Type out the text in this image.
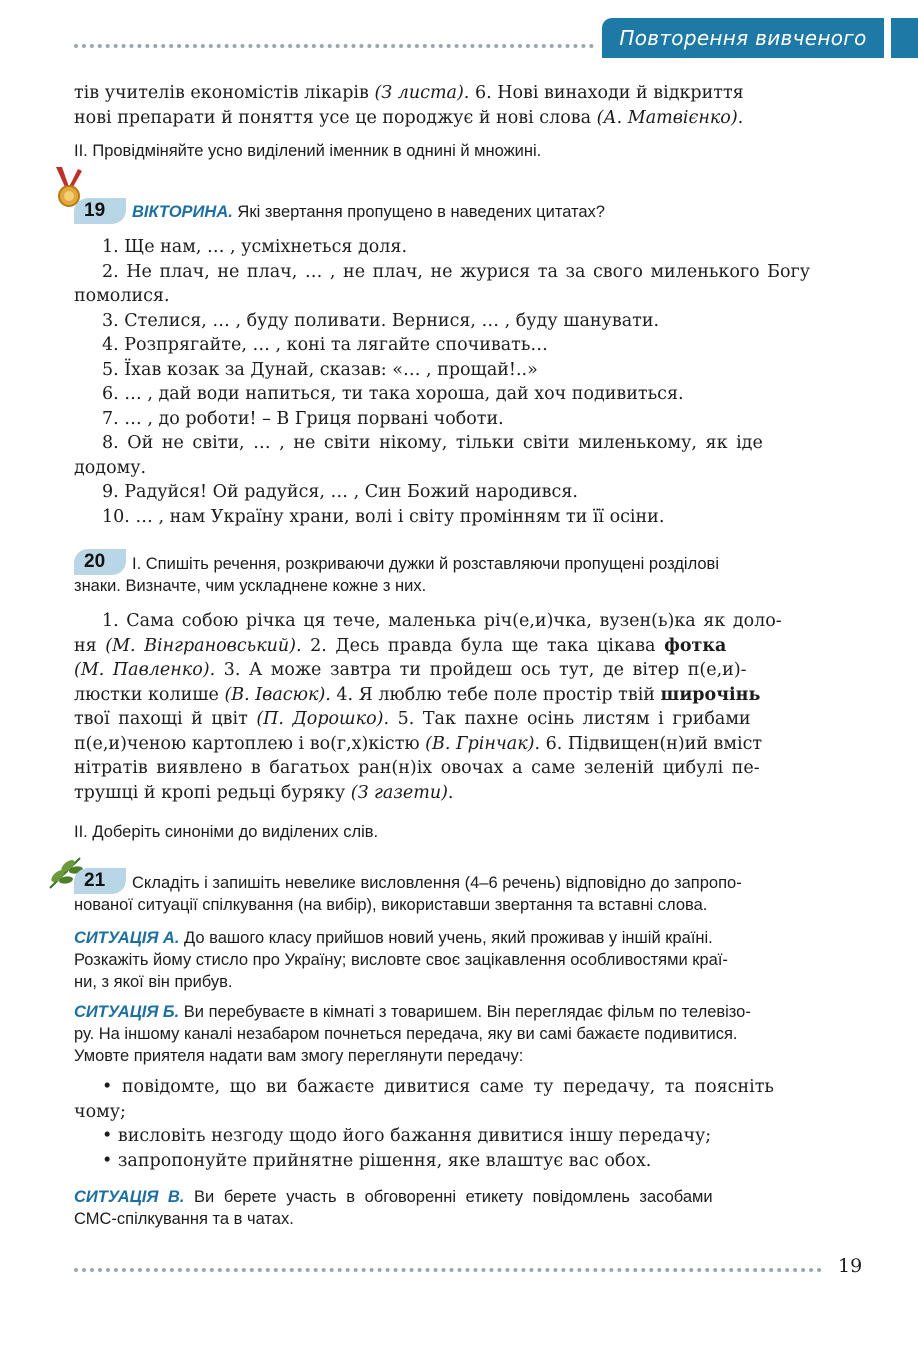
Повторення вивченого
тів учителів економістів лікарів (З листа). 6. Нові винаходи й відкриття
нові препарати й поняття усе це породжує й нові слова (А. Матвієнко).
II. Провідміняйте усно виділений іменник в однині й множині.
19 ВІКТОРИНА. Які звертання пропущено в наведених цитатах?
1. Ще нам, … , усміхнеться доля.
2. Не плач, не плач, … , не плач, не журися та за свого миленького Богу
помолися.
3. Стелися, … , буду поливати. Вернися, … , буду шанувати.
4. Розпрягайте, … , коні та лягайте спочивать…
5. Їхав козак за Дунай, сказав: «… , прощай!..»
6. … , дай води напиться, ти така хороша, дай хоч подивиться.
7. … , до роботи! – В Гриця порвані чоботи.
8. Ой не світи, … , не світи нікому, тільки світи миленькому, як іде
додому.
9. Радуйся! Ой радуйся, … , Син Божий народився.
10. … , нам Україну храни, волі і світу промінням ти її осіни.
20 I. Спишіть речення, розкриваючи дужки й розставляючи пропущені розділові
знаки. Визначте, чим ускладнене кожне з них.
1. Сама собою річка ця тече, маленька річ(е,и)чка, вузен(ь)ка як доло-
ня (М. Вінграновський). 2. Десь правда була ще така цікава фотка
(М. Павленко). 3. А може завтра ти пройдеш ось тут, де вітер п(е,и)-
люстки колише (В. Івасюк). 4. Я люблю тебе поле простір твій широчінь
твої пахощі й цвіт (П. Дорошко). 5. Так пахне осінь листям і грибами
п(е,и)ченою картоплею і во(г,х)кістю (В. Грінчак). 6. Підвищен(н)ий вміст
нітратів виявлено в багатьох ран(н)іх овочах а саме зеленій цибулі пе-
трушці й кропі редьці буряку (З газети).
II. Доберіть синоніми до виділених слів.
21 Складіть і запишіть невелике висловлення (4–6 речень) відповідно до запропо-
нованої ситуації спілкування (на вибір), використавши звертання та вставні слова.
СИТУАЦІЯ А. До вашого класу прийшов новий учень, який проживав у іншій країні.
Розкажіть йому стисло про Україну; висловте своє зацікавлення особливостями краї-
ни, з якої він прибув.
СИТУАЦІЯ Б. Ви перебуваєте в кімнаті з товаришем. Він переглядає фільм по телевізо-
ру. На іншому каналі незабаром почнеться передача, яку ви самі бажаєте подивитися.
Умовте приятеля надати вам змогу переглянути передачу:
• повідомте, що ви бажаєте дивитися саме ту передачу, та поясніть
чому;
• висловіть незгоду щодо його бажання дивитися іншу передачу;
• запропонуйте прийнятне рішення, яке влаштує вас обох.
СИТУАЦІЯ В. Ви берете участь в обговоренні етикету повідомлень засобами
СМС-спілкування та в чатах.
19
